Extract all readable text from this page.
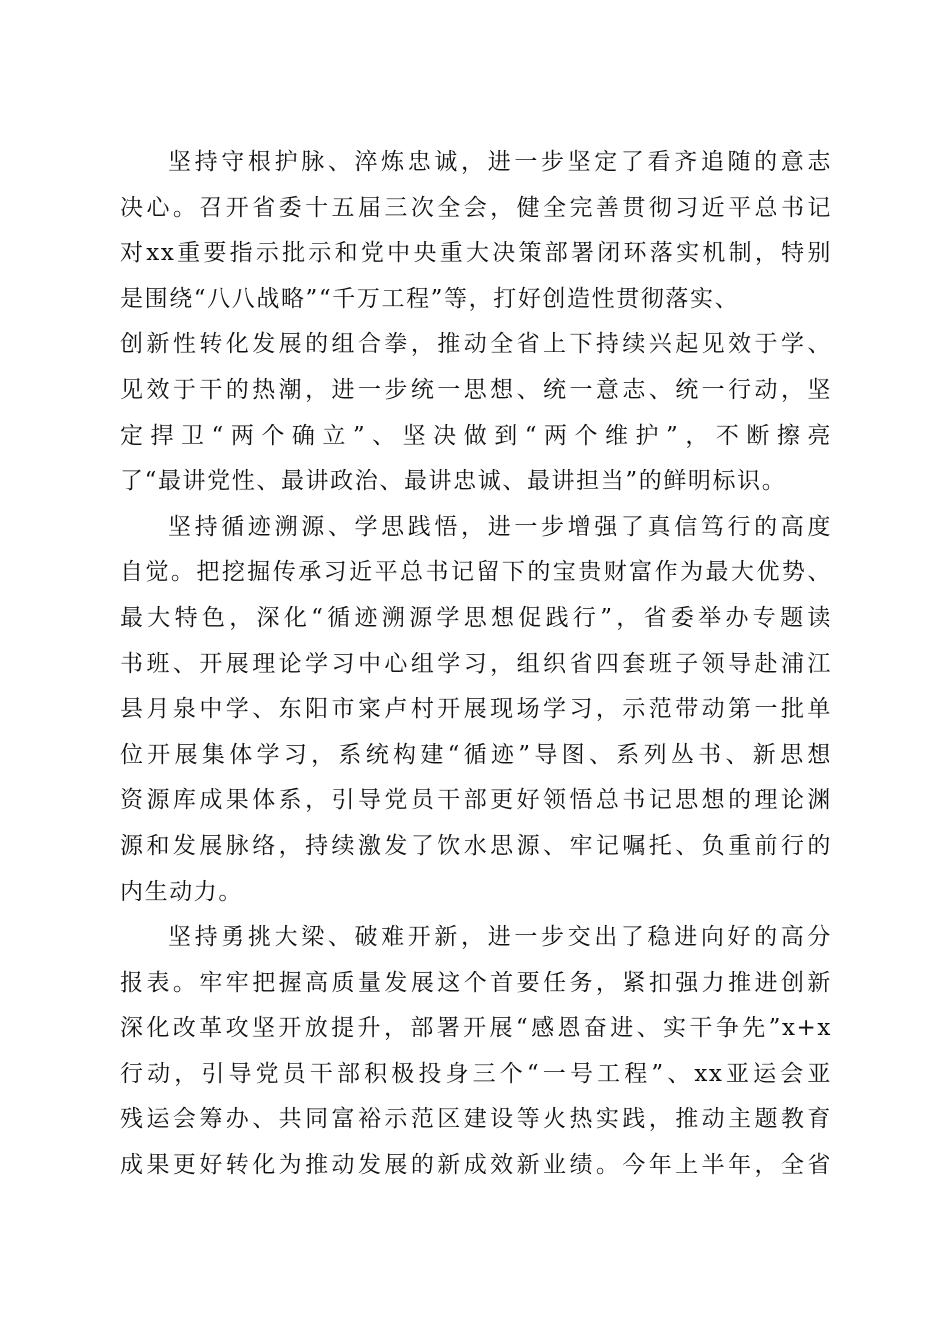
坚持守根护脉、淬炼忠诚，进一步坚定了看齐追随的意志
决心。召开省委十五届三次全会，健全完善贯彻习近平总书记
对xx重要指示批示和党中央重大决策部署闭环落实机制，特别
是围绕“八八战略”“千万工程”等，打好创造性贯彻落实、
创新性转化发展的组合拳，推动全省上下持续兴起见效于学、
见效于干的热潮，进一步统一思想、统一意志、统一行动，坚
定捍卫“两个确立”、坚决做到“两个维护”，不断擦亮
了“最讲党性、最讲政治、最讲忠诚、最讲担当”的鲜明标识。
坚持循迹溯源、学思践悟，进一步增强了真信笃行的高度
自觉。把挖掘传承习近平总书记留下的宝贵财富作为最大优势、
最大特色，深化“循迹溯源学思想促践行”，省委举办专题读
书班、开展理论学习中心组学习，组织省四套班子领导赴浦江
县月泉中学、东阳市寀卢村开展现场学习，示范带动第一批单
位开展集体学习，系统构建“循迹”导图、系列丛书、新思想
资源库成果体系，引导党员干部更好领悟总书记思想的理论渊
源和发展脉络，持续激发了饮水思源、牢记嘱托、负重前行的
内生动力。
坚持勇挑大梁、破难开新，进一步交出了稳进向好的高分
报表。牢牢把握高质量发展这个首要任务，紧扣强力推进创新
深化改革攻坚开放提升，部署开展“感恩奋进、实干争先”x+x
行动，引导党员干部积极投身三个“一号工程”、xx亚运会亚
残运会筹办、共同富裕示范区建设等火热实践，推动主题教育
成果更好转化为推动发展的新成效新业绩。今年上半年，全省
